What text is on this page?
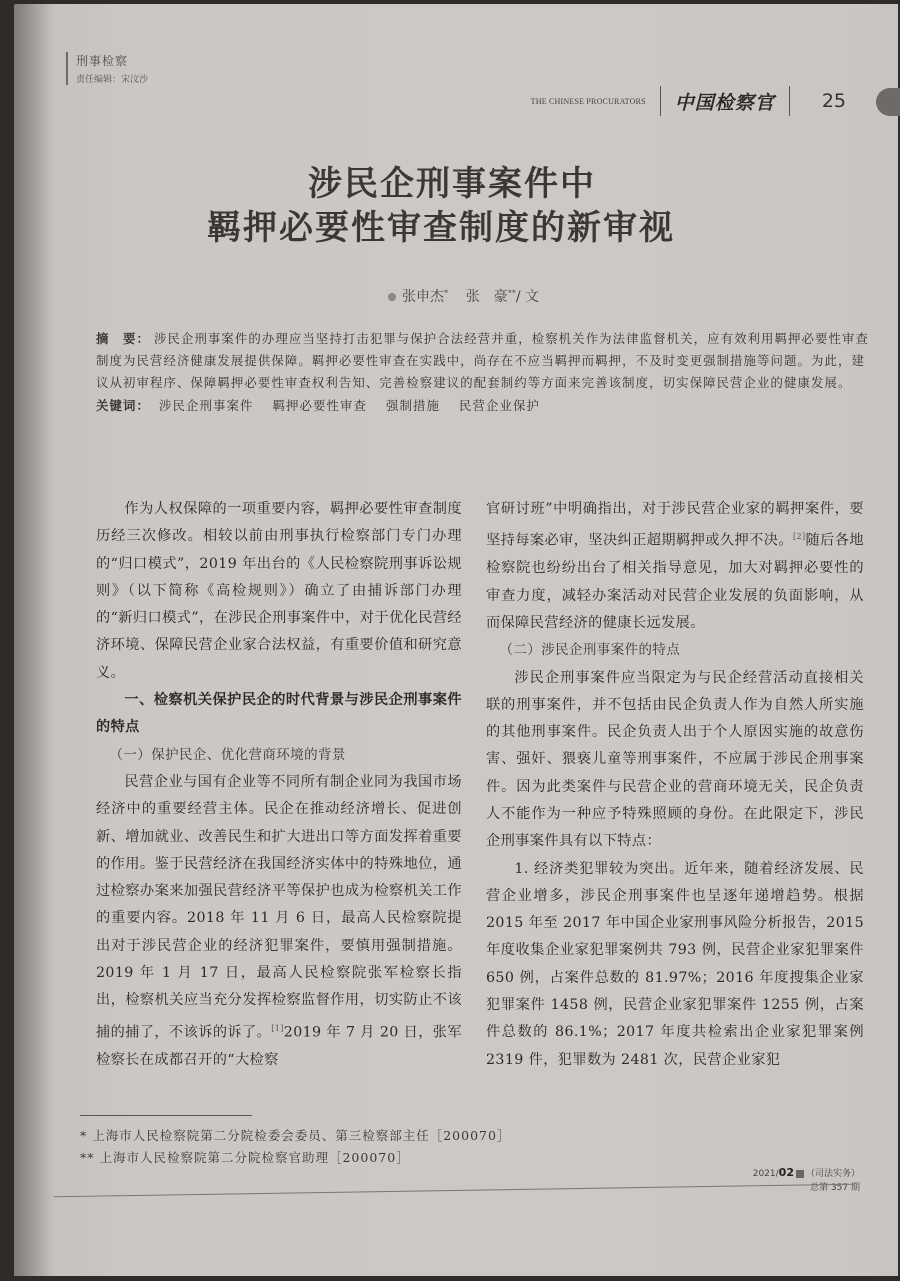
刑事检察
责任编辑：宋汶沙
THE CHINESE PROCURATORS 中国检察官 25
涉民企刑事案件中
羁押必要性审查制度的新审视
张申杰* 张　豪**/ 文
摘　要： 涉民企刑事案件的办理应当坚持打击犯罪与保护合法经营并重，检察机关作为法律监督机关，应有效利用羁押必要性审查制度为民营经济健康发展提供保障。羁押必要性审查在实践中，尚存在不应当羁押而羁押，不及时变更强制措施等问题。为此，建议从初审程序、保障羁押必要性审查权利告知、完善检察建议的配套制约等方面来完善该制度，切实保障民营企业的健康发展。
关键词： 涉民企刑事案件 羁押必要性审查 强制措施 民营企业保护

作为人权保障的一项重要内容，羁押必要性审查制度历经三次修改。相较以前由刑事执行检察部门专门办理的“归口模式”，2019 年出台的《人民检察院刑事诉讼规则》（以下简称《高检规则》）确立了由捕诉部门办理的“新归口模式”，在涉民企刑事案件中，对于优化民营经济环境、保障民营企业家合法权益，有重要价值和研究意义。

一、检察机关保护民企的时代背景与涉民企刑事案件的特点

（一）保护民企、优化营商环境的背景

民营企业与国有企业等不同所有制企业同为我国市场经济中的重要经营主体。民企在推动经济增长、促进创新、增加就业、改善民生和扩大进出口等方面发挥着重要的作用。鉴于民营经济在我国经济实体中的特殊地位，通过检察办案来加强民营经济平等保护也成为检察机关工作的重要内容。2018 年 11 月 6 日，最高人民检察院提出对于涉民营企业的经济犯罪案件，要慎用强制措施。2019 年 1 月 17 日，最高人民检察院张军检察长指出，检察机关应当充分发挥检察监督作用，切实防止不该捕的捕了，不该诉的诉了。[1]2019 年 7 月 20 日，张军检察长在成都召开的“大检察

官研讨班”中明确指出，对于涉民营企业家的羁押案件，要坚持每案必审，坚决纠正超期羁押或久押不决。[2]随后各地检察院也纷纷出台了相关指导意见，加大对羁押必要性的审查力度，减轻办案活动对民营企业发展的负面影响，从而保障民营经济的健康长远发展。

（二）涉民企刑事案件的特点

涉民企刑事案件应当限定为与民企经营活动直接相关联的刑事案件，并不包括由民企负责人作为自然人所实施的其他刑事案件。民企负责人出于个人原因实施的故意伤害、强奸、猥亵儿童等刑事案件，不应属于涉民企刑事案件。因为此类案件与民营企业的营商环境无关，民企负责人不能作为一种应予特殊照顾的身份。在此限定下，涉民企刑事案件具有以下特点：

1. 经济类犯罪较为突出。近年来，随着经济发展、民营企业增多，涉民企刑事案件也呈逐年递增趋势。根据 2015 年至 2017 年中国企业家刑事风险分析报告，2015 年度收集企业家犯罪案例共 793 例，民营企业家犯罪案件 650 例，占案件总数的 81.97%；2016 年度搜集企业家犯罪案件 1458 例，民营企业家犯罪案件 1255 例，占案件总数的 86.1%；2017 年度共检索出企业家犯罪案例 2319 件，犯罪数为 2481 次，民营企业家犯

* 上海市人民检察院第二分院检委会委员、第三检察部主任［200070］
** 上海市人民检察院第二分院检察官助理［200070］
2021/02 （司法实务）
总第 357 期
